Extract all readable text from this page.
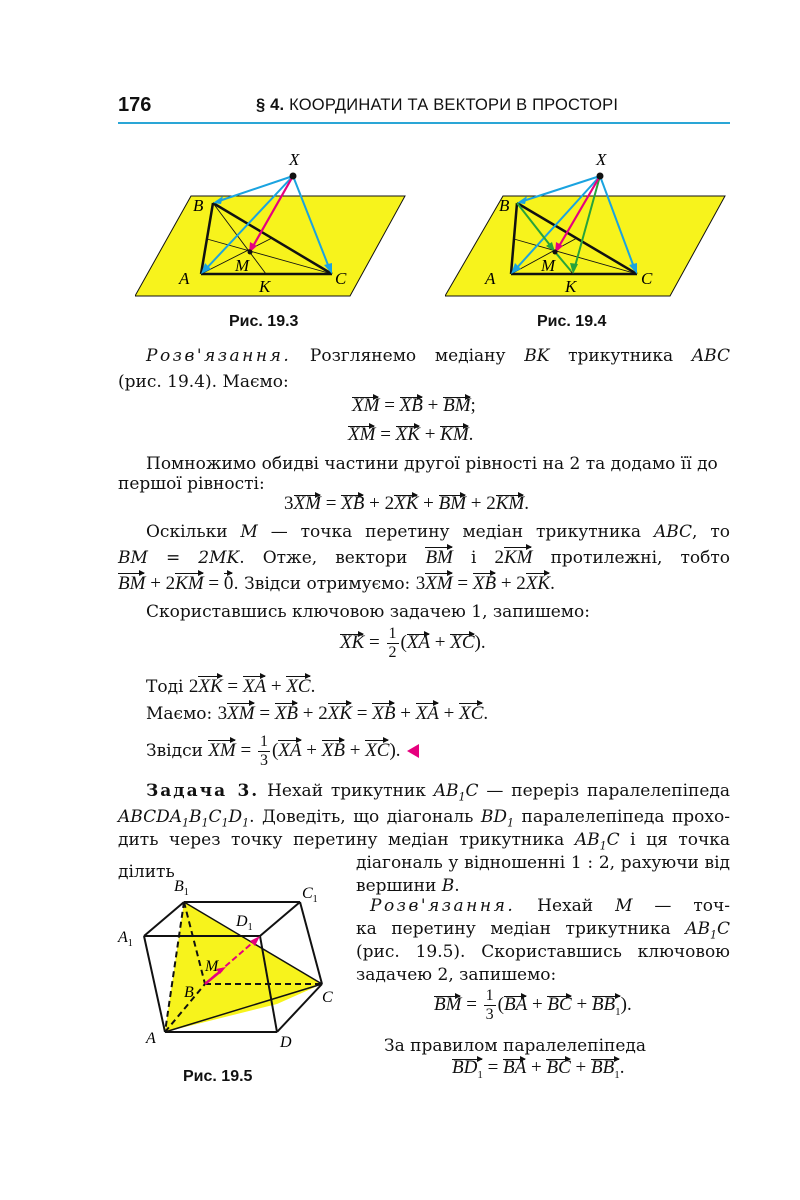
176	§ 4. КООРДИНАТИ ТА ВЕКТОРИ В ПРОСТОРІ
X
B
A	C
M
K
Рис. 19.3
X
B
A	C
M
K
Рис. 19.4
Розв'язання. Розглянемо медіану BK трикутника ABC
(рис. 19.4). Маємо:
XM = XB + BM;
XM = XK + KM.
Помножимо обидві частини другої рівності на 2 та додамо її до
першої рівності:
3XM = XB + 2XK + BM + 2KM.
Оскільки M — точка перетину медіан трикутника ABC, то
BM = 2MK. Отже, вектори BM і 2KM протилежні, тобто
BM + 2KM = 0. Звідси отримуємо: 3XM = XB + 2XK.
Скориставшись ключовою задачею 1, запишемо:
XK = $\frac{1}{2} (XA + XC)$.
Тоді 2XK = XA + XC.
Маємо: 3XM = XB + 2XK = XB + XA + XC.
Звідси XM = $\frac{1}{3} (XA$ + XB + XC).
Задача 3. Нехай трикутник $AB_1C$ — переріз паралелепіпеда
$ABCDA_1B_1C_1D_1$. Доведіть, що діагональ $BD_1$ паралелепіпеда прохо-
дить через точку перетину медіан трикутника $AB_1C$ і ця точка ділить	діагональ у відношенні 1 : 2, рахуючи від
вершини B.
$B_1$	$C_1$
$A_1$
$D_1$
M
B	C
A	D
Рис. 19.5
Розв'язання. Нехай M — точ-
ка перетину медіан трикутника $AB_1C$
(рис. 19.5). Скориставшись ключовою
задачею 2, запишемо:
BM = $\frac{1}{3} (BA$ + BC + $BB_1$).
За правилом паралелепіпеда
$BD_1$ = BA + BC + $BB_1$.
